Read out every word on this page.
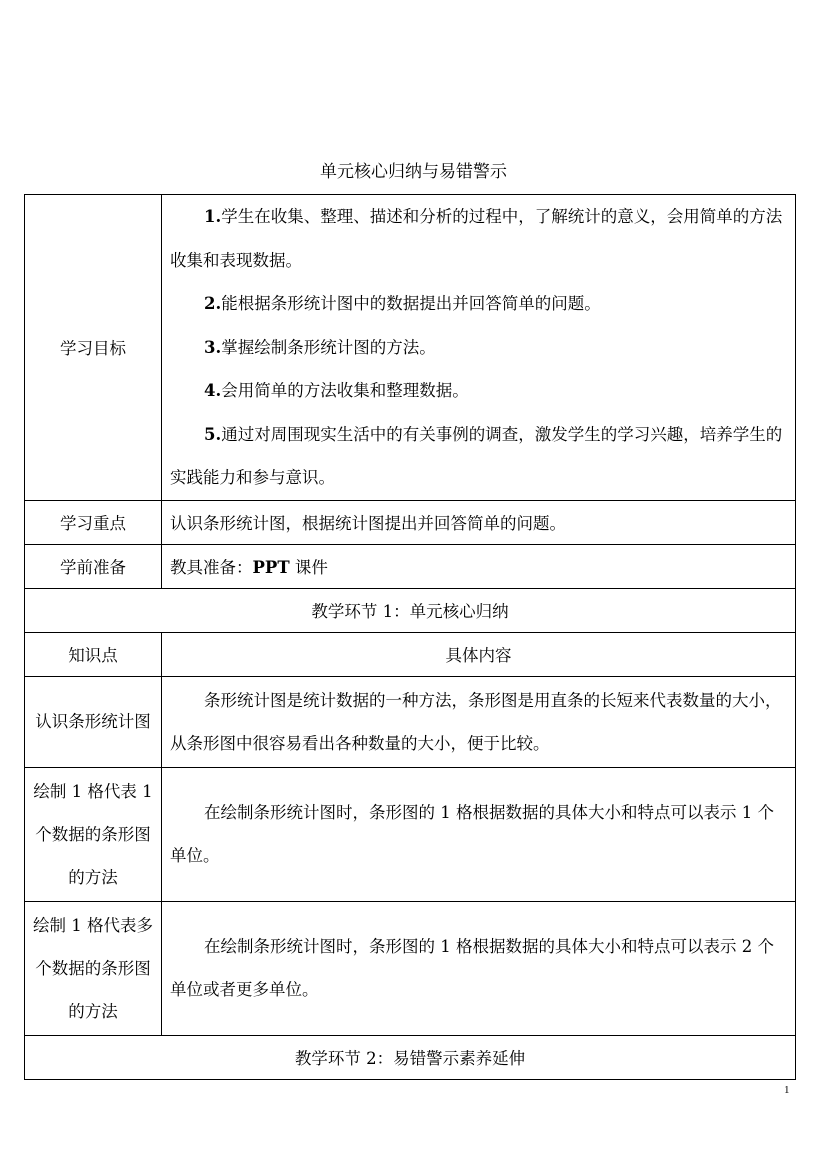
单元核心归纳与易错警示
学习目标	1.学生在收集、整理、描述和分析的过程中，了解统计的意义，会用简单的方法收集和表现数据。

2.能根据条形统计图中的数据提出并回答简单的问题。

3.掌握绘制条形统计图的方法。

4.会用简单的方法收集和整理数据。

5.通过对周围现实生活中的有关事例的调查，激发学生的学习兴趣，培养学生的实践能力和参与意识。

学习重点	认识条形统计图，根据统计图提出并回答简单的问题。
学前准备	教具准备：PPT 课件
教学环节 1：单元核心归纳	
知识点	具体内容
认识条形统计图	条形统计图是统计数据的一种方法，条形图是用直条的长短来代表数量的大小，从条形图中很容易看出各种数量的大小，便于比较。
绘制 1 格代表 1 个数据的条形图的方法	在绘制条形统计图时，条形图的 1 格根据数据的具体大小和特点可以表示 1 个单位。
绘制 1 格代表多个数据的条形图的方法	在绘制条形统计图时，条形图的 1 格根据数据的具体大小和特点可以表示 2 个单位或者更多单位。
教学环节 2：易错警示素养延伸	
1
